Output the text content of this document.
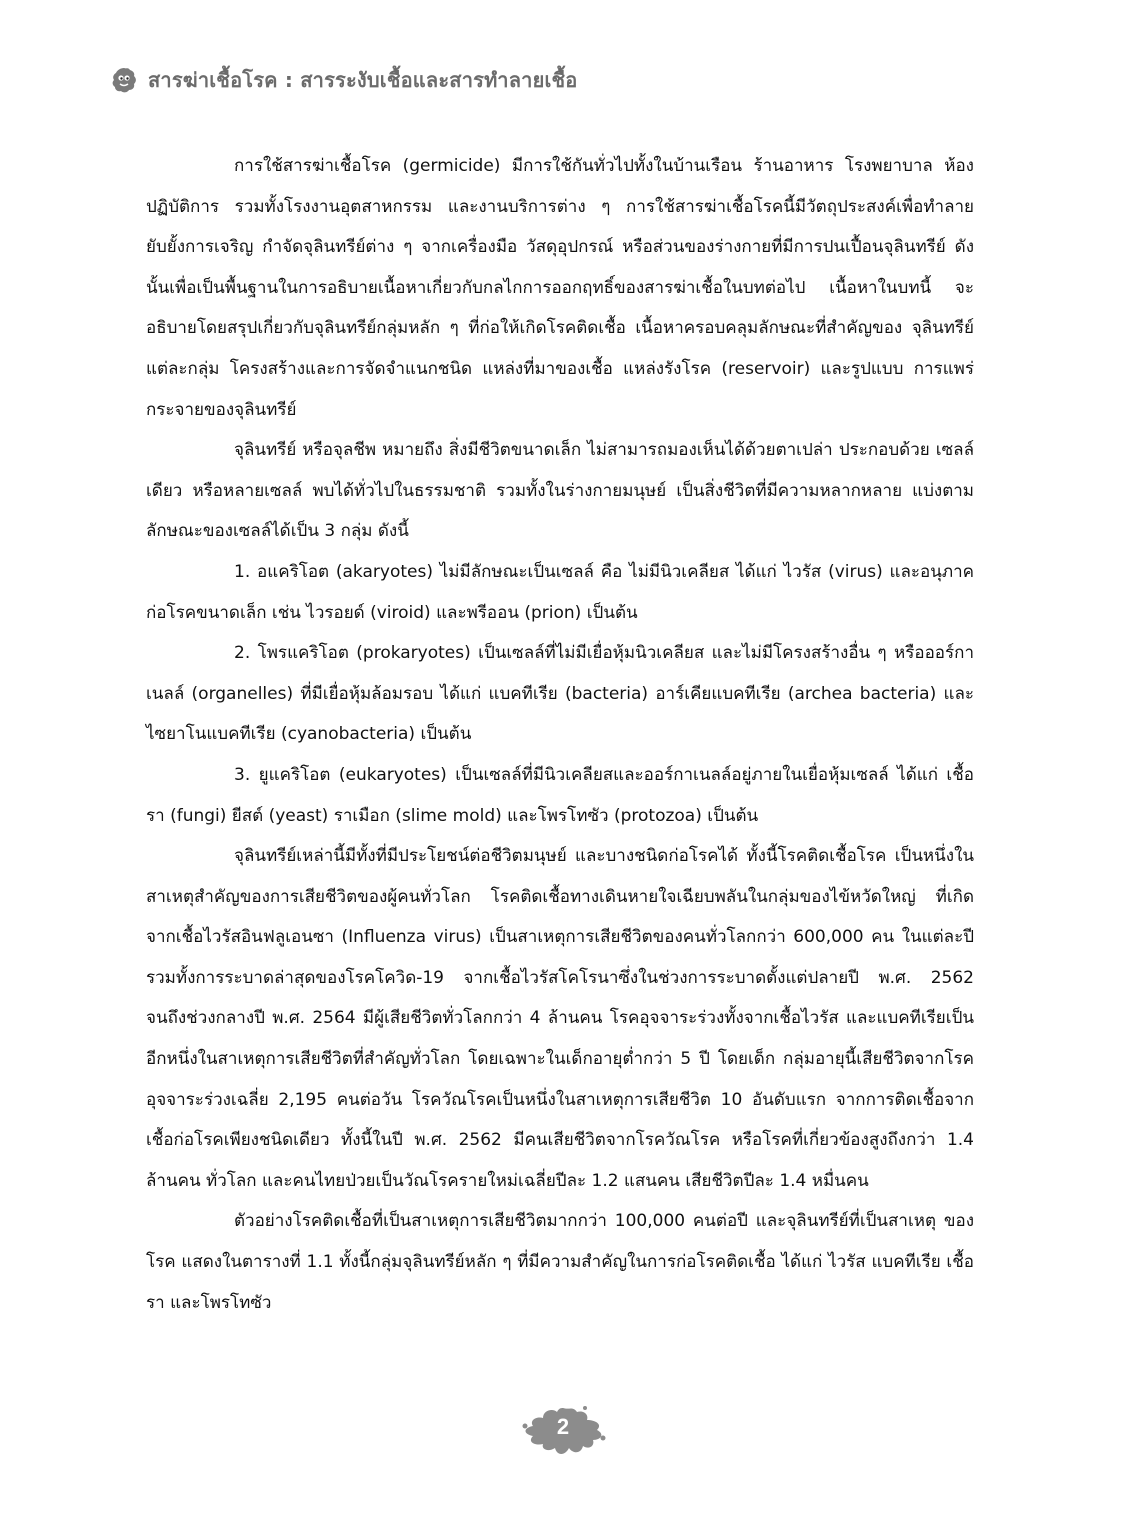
สารฆ่าเชื้อโรค : สารระงับเชื้อและสารทำลายเชื้อ

การใช้สารฆ่าเชื้อโรค (germicide) มีการใช้กันทั่วไปทั้งในบ้านเรือน ร้านอาหาร โรงพยาบาล ห้องปฏิบัติการ รวมทั้งโรงงานอุตสาหกรรม และงานบริการต่าง ๆ การใช้สารฆ่าเชื้อโรคนี้มีวัตถุประสงค์เพื่อทำลาย ยับยั้งการเจริญ กำจัดจุลินทรีย์ต่าง ๆ จากเครื่องมือ วัสดุอุปกรณ์ หรือส่วนของร่างกายที่มีการปนเปื้อนจุลินทรีย์ ดังนั้นเพื่อเป็นพื้นฐานในการอธิบายเนื้อหาเกี่ยวกับกลไกการออกฤทธิ์ของสารฆ่าเชื้อในบทต่อไป เนื้อหาในบทนี้ จะอธิบายโดยสรุปเกี่ยวกับจุลินทรีย์กลุ่มหลัก ๆ ที่ก่อให้เกิดโรคติดเชื้อ เนื้อหาครอบคลุมลักษณะที่สำคัญของ จุลินทรีย์แต่ละกลุ่ม โครงสร้างและการจัดจำแนกชนิด แหล่งที่มาของเชื้อ แหล่งรังโรค (reservoir) และรูปแบบ การแพร่กระจายของจุลินทรีย์

จุลินทรีย์ หรือจุลชีพ หมายถึง สิ่งมีชีวิตขนาดเล็ก ไม่สามารถมองเห็นได้ด้วยตาเปล่า ประกอบด้วย เซลล์เดียว หรือหลายเซลล์ พบได้ทั่วไปในธรรมชาติ รวมทั้งในร่างกายมนุษย์ เป็นสิ่งชีวิตที่มีความหลากหลาย แบ่งตามลักษณะของเซลล์ได้เป็น 3 กลุ่ม ดังนี้

1. อแคริโอต (akaryotes) ไม่มีลักษณะเป็นเซลล์ คือ ไม่มีนิวเคลียส ได้แก่ ไวรัส (virus) และอนุภาค ก่อโรคขนาดเล็ก เช่น ไวรอยด์ (viroid) และพรีออน (prion) เป็นต้น

2. โพรแคริโอต (prokaryotes) เป็นเซลล์ที่ไม่มีเยื่อหุ้มนิวเคลียส และไม่มีโครงสร้างอื่น ๆ หรือออร์กาเนลล์ (organelles) ที่มีเยื่อหุ้มล้อมรอบ ได้แก่ แบคทีเรีย (bacteria) อาร์เคียแบคทีเรีย (archea bacteria) และไซยาโนแบคทีเรีย (cyanobacteria) เป็นต้น

3. ยูแคริโอต (eukaryotes) เป็นเซลล์ที่มีนิวเคลียสและออร์กาเนลล์อยู่ภายในเยื่อหุ้มเซลล์ ได้แก่ เชื้อรา (fungi) ยีสต์ (yeast) ราเมือก (slime mold) และโพรโทซัว (protozoa) เป็นต้น

จุลินทรีย์เหล่านี้มีทั้งที่มีประโยชน์ต่อชีวิตมนุษย์ และบางชนิดก่อโรคได้ ทั้งนี้โรคติดเชื้อโรค เป็นหนึ่งในสาเหตุสำคัญของการเสียชีวิตของผู้คนทั่วโลก โรคติดเชื้อทางเดินหายใจเฉียบพลันในกลุ่มของไข้หวัดใหญ่ ที่เกิดจากเชื้อไวรัสอินฟลูเอนซา (Influenza virus) เป็นสาเหตุการเสียชีวิตของคนทั่วโลกกว่า 600,000 คน ในแต่ละปี รวมทั้งการระบาดล่าสุดของโรคโควิด-19 จากเชื้อไวรัสโคโรนาซึ่งในช่วงการระบาดตั้งแต่ปลายปี พ.ศ. 2562 จนถึงช่วงกลางปี พ.ศ. 2564 มีผู้เสียชีวิตทั่วโลกกว่า 4 ล้านคน โรคอุจจาระร่วงทั้งจากเชื้อไวรัส และแบคทีเรียเป็นอีกหนึ่งในสาเหตุการเสียชีวิตที่สำคัญทั่วโลก โดยเฉพาะในเด็กอายุต่ำกว่า 5 ปี โดยเด็ก กลุ่มอายุนี้เสียชีวิตจากโรคอุจจาระร่วงเฉลี่ย 2,195 คนต่อวัน โรควัณโรคเป็นหนึ่งในสาเหตุการเสียชีวิต 10 อันดับแรก จากการติดเชื้อจากเชื้อก่อโรคเพียงชนิดเดียว ทั้งนี้ในปี พ.ศ. 2562 มีคนเสียชีวิตจากโรควัณโรค หรือโรคที่เกี่ยวข้องสูงถึงกว่า 1.4 ล้านคน ทั่วโลก และคนไทยป่วยเป็นวัณโรครายใหม่เฉลี่ยปีละ 1.2 แสนคน เสียชีวิตปีละ 1.4 หมื่นคน

ตัวอย่างโรคติดเชื้อที่เป็นสาเหตุการเสียชีวิตมากกว่า 100,000 คนต่อปี และจุลินทรีย์ที่เป็นสาเหตุ ของโรค แสดงในตารางที่ 1.1 ทั้งนี้กลุ่มจุลินทรีย์หลัก ๆ ที่มีความสำคัญในการก่อโรคติดเชื้อ ได้แก่ ไวรัส แบคทีเรีย เชื้อรา และโพรโทซัว

2
